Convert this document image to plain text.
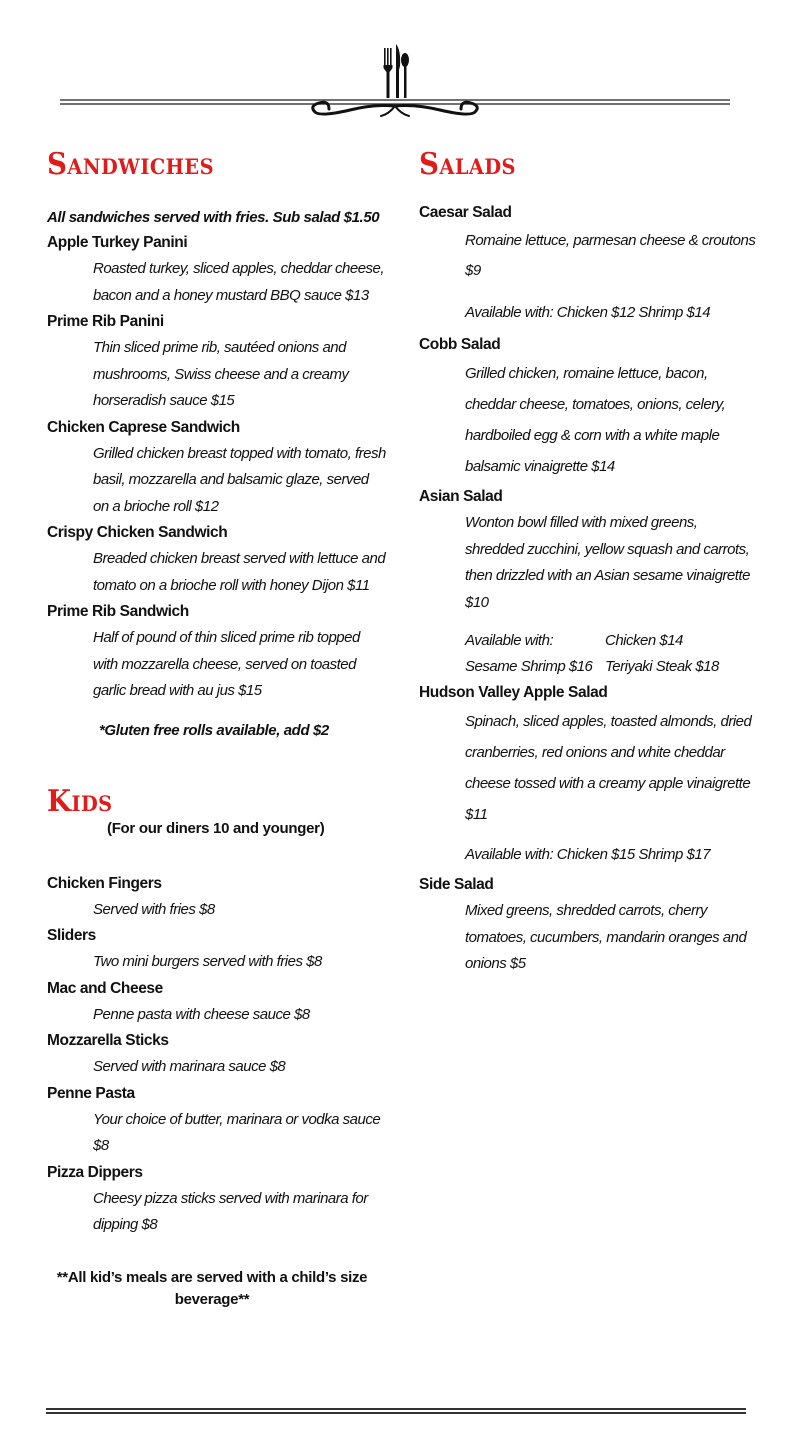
Sandwiches
All sandwiches served with fries. Sub salad $1.50
Apple Turkey Panini
Roasted turkey, sliced apples, cheddar cheese, bacon and a honey mustard BBQ sauce $13
Prime Rib Panini
Thin sliced prime rib, sautéed onions and mushrooms, Swiss cheese and a creamy horseradish sauce $15
Chicken Caprese Sandwich
Grilled chicken breast topped with tomato, fresh basil, mozzarella and balsamic glaze, served on a brioche roll $12
Crispy Chicken Sandwich
Breaded chicken breast served with lettuce and tomato on a brioche roll with honey Dijon $11
Prime Rib Sandwich
Half of pound of thin sliced prime rib topped with mozzarella cheese, served on toasted garlic bread with au jus $15
*Gluten free rolls available, add $2
Kids
(For our diners 10 and younger)
Chicken Fingers
Served with fries $8
Sliders
Two mini burgers served with fries $8
Mac and Cheese
Penne pasta with cheese sauce $8
Mozzarella Sticks
Served with marinara sauce $8
Penne Pasta
Your choice of butter, marinara or vodka sauce $8
Pizza Dippers
Cheesy pizza sticks served with marinara for dipping $8
**All kid’s meals are served with a child’s size beverage**
Salads
Caesar Salad
Romaine lettuce, parmesan cheese & croutons $9
Available with: Chicken $12 Shrimp $14
Cobb Salad
Grilled chicken, romaine lettuce, bacon, cheddar cheese, tomatoes, onions, celery, hardboiled egg & corn with a white maple balsamic vinaigrette $14
Asian Salad
Wonton bowl filled with mixed greens, shredded zucchini, yellow squash and carrots, then drizzled with an Asian sesame vinaigrette $10
Available with:	Chicken $14
Sesame Shrimp $16 Teriyaki Steak $18
Hudson Valley Apple Salad
Spinach, sliced apples, toasted almonds, dried cranberries, red onions and white cheddar cheese tossed with a creamy apple vinaigrette $11
Available with: Chicken $15 Shrimp $17
Side Salad
Mixed greens, shredded carrots, cherry tomatoes, cucumbers, mandarin oranges and onions $5
